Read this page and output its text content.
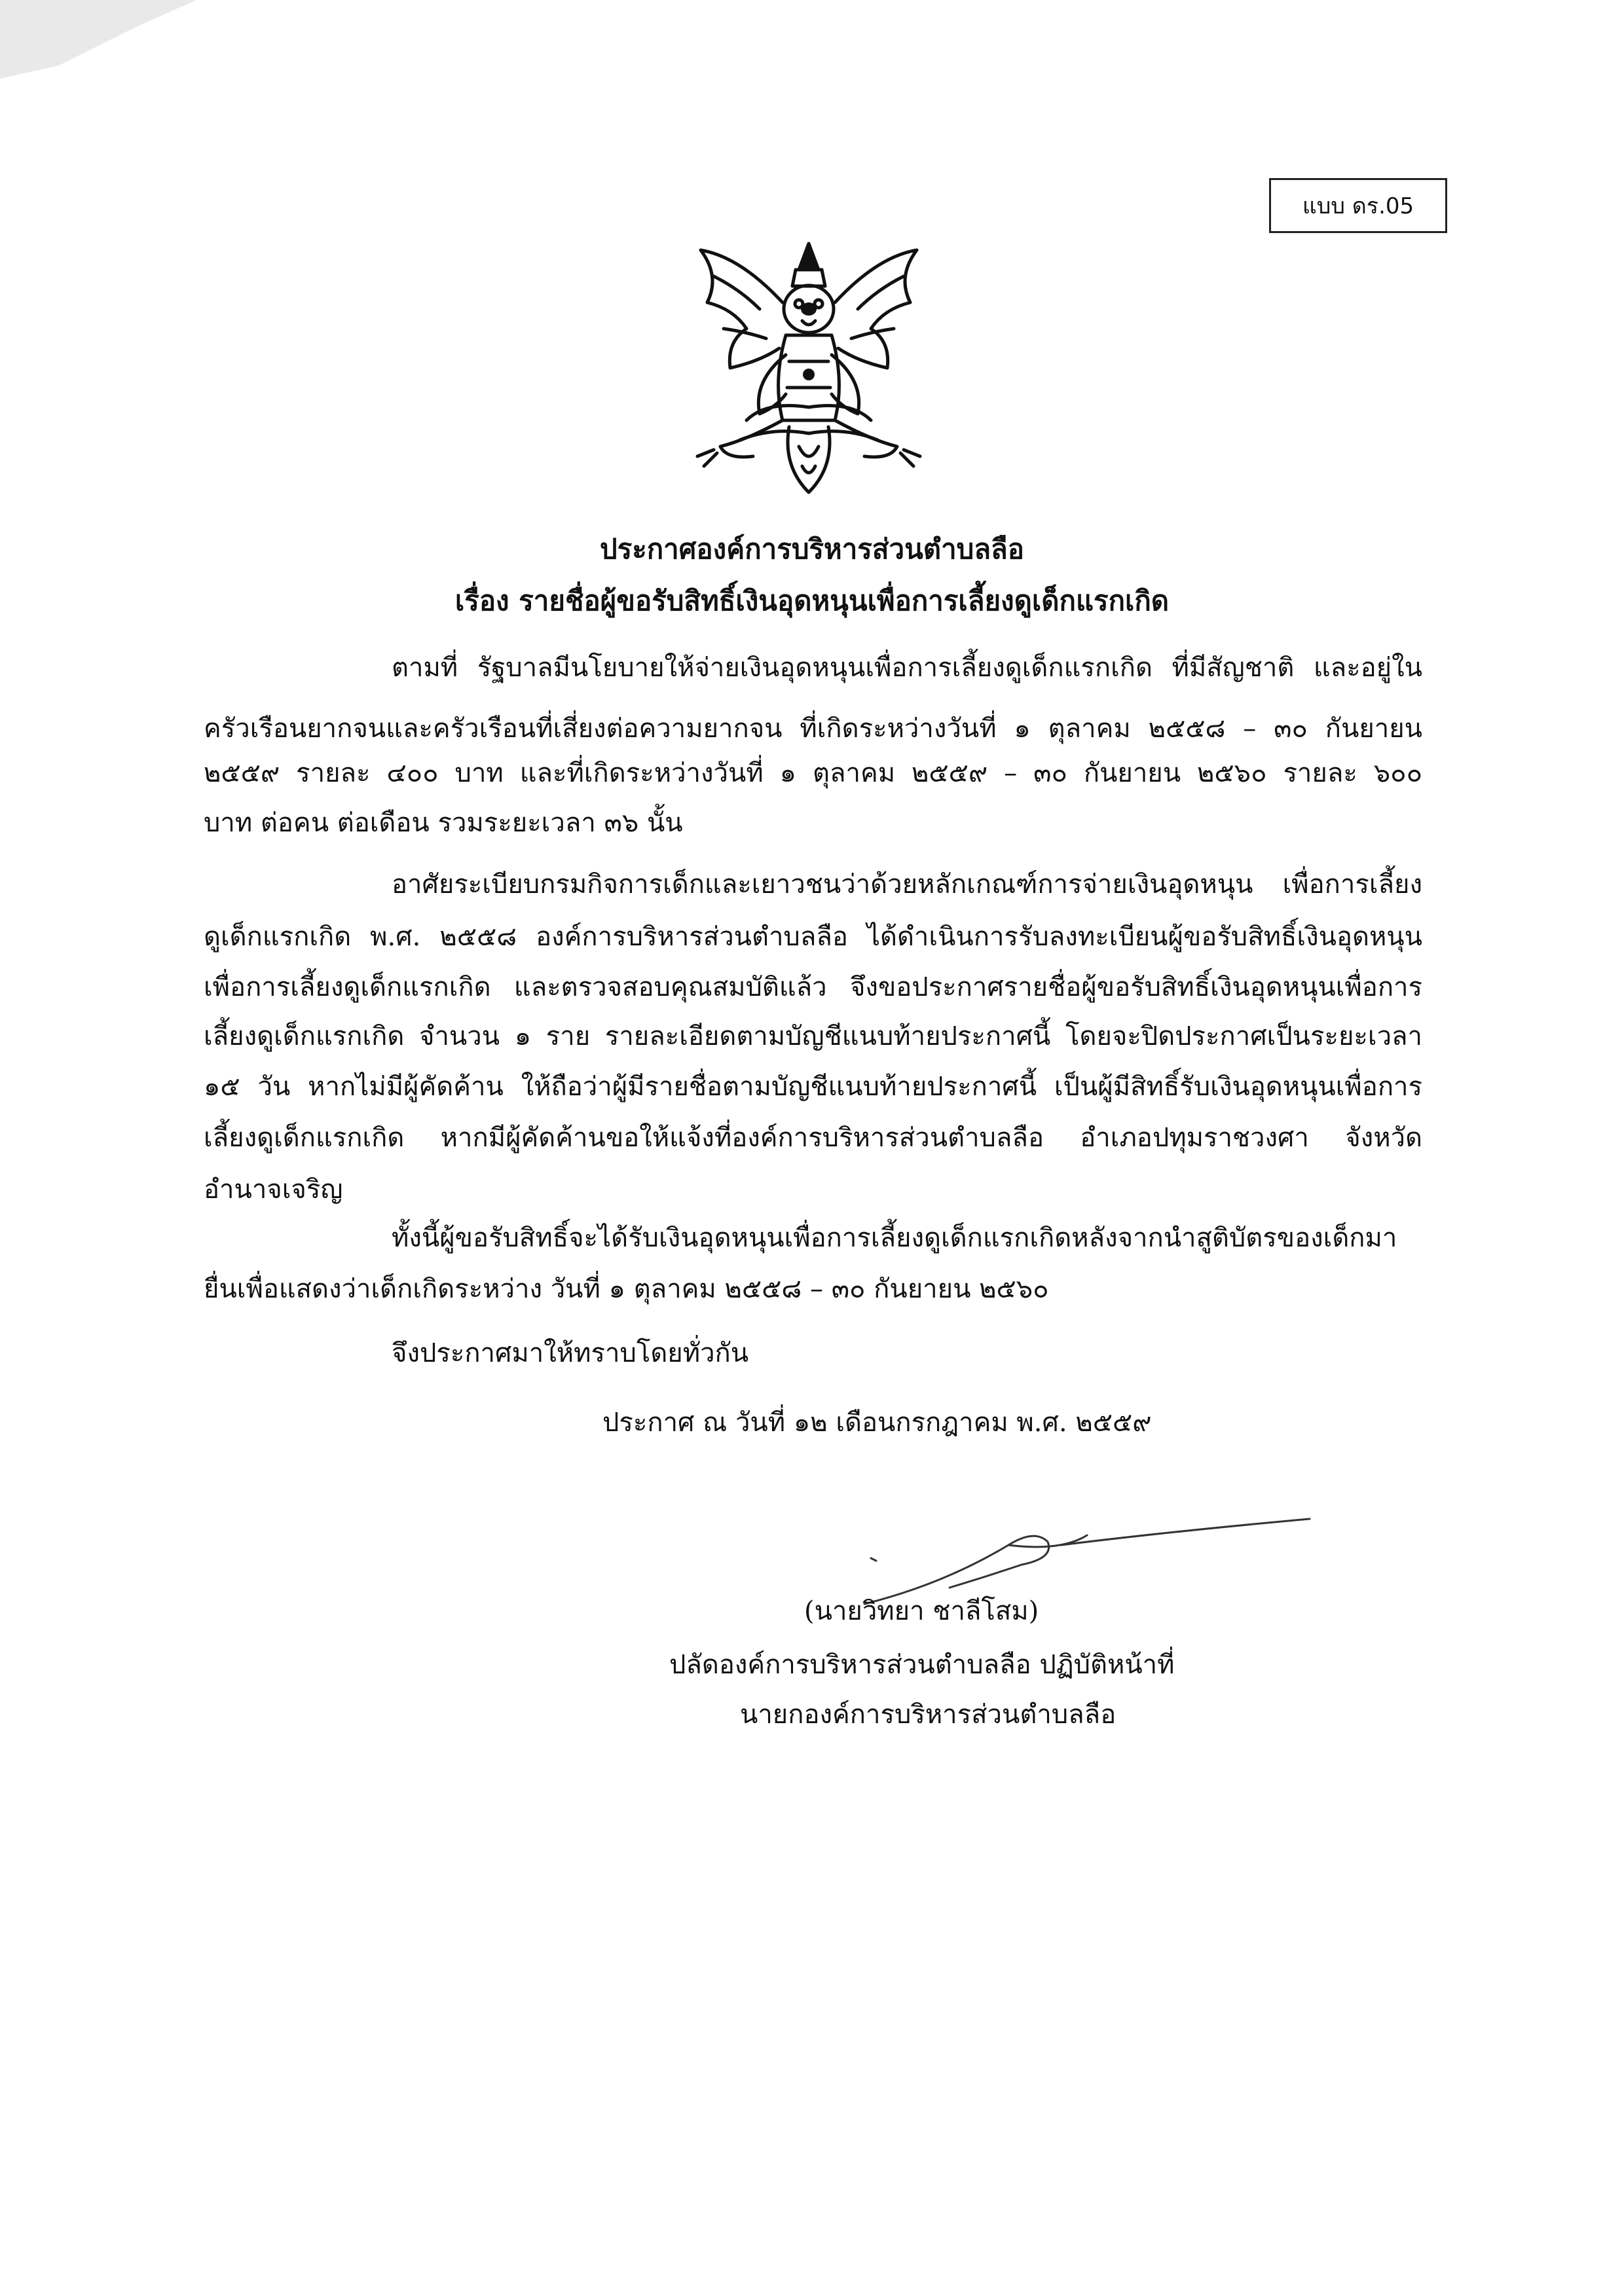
แบบ ดร.05
ประกาศองค์การบริหารส่วนตำบลลือ
เรื่อง รายชื่อผู้ขอรับสิทธิ์เงินอุดหนุนเพื่อการเลี้ยงดูเด็กแรกเกิด
ตามที่ รัฐบาลมีนโยบายให้จ่ายเงินอุดหนุนเพื่อการเลี้ยงดูเด็กแรกเกิด ที่มีสัญชาติ และอยู่ใน
ครัวเรือนยากจนและครัวเรือนที่เสี่ยงต่อความยากจน ที่เกิดระหว่างวันที่ ๑ ตุลาคม ๒๕๕๘ – ๓๐ กันยายน
๒๕๕๙ รายละ ๔๐๐ บาท และที่เกิดระหว่างวันที่ ๑ ตุลาคม ๒๕๕๙ – ๓๐ กันยายน ๒๕๖๐ รายละ ๖๐๐
บาท ต่อคน ต่อเดือน รวมระยะเวลา ๓๖ นั้น
อาศัยระเบียบกรมกิจการเด็กและเยาวชนว่าด้วยหลักเกณฑ์การจ่ายเงินอุดหนุน เพื่อการเลี้ยง
ดูเด็กแรกเกิด พ.ศ. ๒๕๕๘ องค์การบริหารส่วนตำบลลือ ได้ดำเนินการรับลงทะเบียนผู้ขอรับสิทธิ์เงินอุดหนุน
เพื่อการเลี้ยงดูเด็กแรกเกิด และตรวจสอบคุณสมบัติแล้ว จึงขอประกาศรายชื่อผู้ขอรับสิทธิ์เงินอุดหนุนเพื่อการ
เลี้ยงดูเด็กแรกเกิด จำนวน ๑ ราย รายละเอียดตามบัญชีแนบท้ายประกาศนี้ โดยจะปิดประกาศเป็นระยะเวลา
๑๕ วัน หากไม่มีผู้คัดค้าน ให้ถือว่าผู้มีรายชื่อตามบัญชีแนบท้ายประกาศนี้ เป็นผู้มีสิทธิ์รับเงินอุดหนุนเพื่อการ
เลี้ยงดูเด็กแรกเกิด หากมีผู้คัดค้านขอให้แจ้งที่องค์การบริหารส่วนตำบลลือ อำเภอปทุมราชวงศา จังหวัด
อำนาจเจริญ
ทั้งนี้ผู้ขอรับสิทธิ์จะได้รับเงินอุดหนุนเพื่อการเลี้ยงดูเด็กแรกเกิดหลังจากนำสูติบัตรของเด็กมา
ยื่นเพื่อแสดงว่าเด็กเกิดระหว่าง วันที่ ๑ ตุลาคม ๒๕๕๘ – ๓๐ กันยายน ๒๕๖๐
จึงประกาศมาให้ทราบโดยทั่วกัน
ประกาศ ณ วันที่ ๑๒ เดือนกรกฎาคม พ.ศ. ๒๕๕๙
(นายวิทยา ชาลีโสม)
ปลัดองค์การบริหารส่วนตำบลลือ ปฏิบัติหน้าที่
นายกองค์การบริหารส่วนตำบลลือ
